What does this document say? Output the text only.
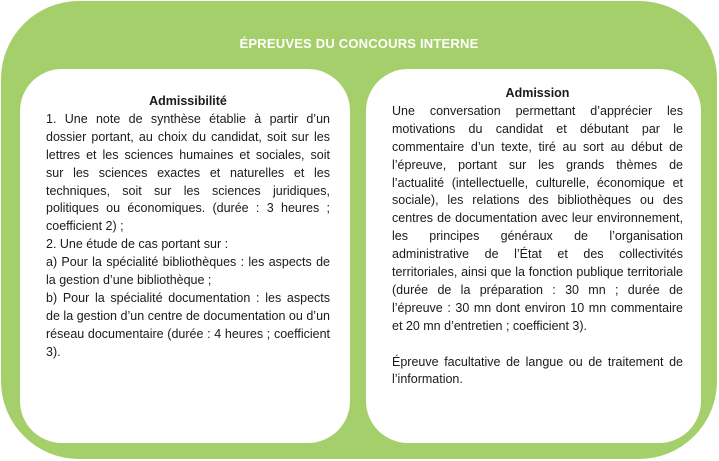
ÉPREUVES DU CONCOURS INTERNE

Admissibilité

1. Une note de synthèse établie à partir d’un dossier portant, au choix du candidat, soit sur les lettres et les sciences humaines et sociales, soit sur les sciences exactes et naturelles et les techniques, soit sur les sciences juridiques, politiques ou économiques. (durée : 3 heures ; coefficient 2) ;

2. Une étude de cas portant sur :

a) Pour la spécialité bibliothèques : les aspects de la gestion d’une bibliothèque ;

b) Pour la spécialité documentation : les aspects de la gestion d’un centre de documentation ou d’un réseau documentaire (durée : 4 heures ; coefficient 3).

Admission

Une conversation permettant d’apprécier les motivations du candidat et débutant par le commentaire d’un texte, tiré au sort au début de l’épreuve, portant sur les grands thèmes de l’actualité (intellectuelle, culturelle, économique et sociale), les relations des bibliothèques ou des centres de documentation avec leur environnement, les principes généraux de l’organisation administrative de l’État et des collectivités territoriales, ainsi que la fonction publique territoriale (durée de la préparation : 30 mn ; durée de l’épreuve : 30 mn dont environ 10 mn commentaire et 20 mn d’entretien ; coefficient 3).

Épreuve facultative de langue ou de traitement de l’information.
